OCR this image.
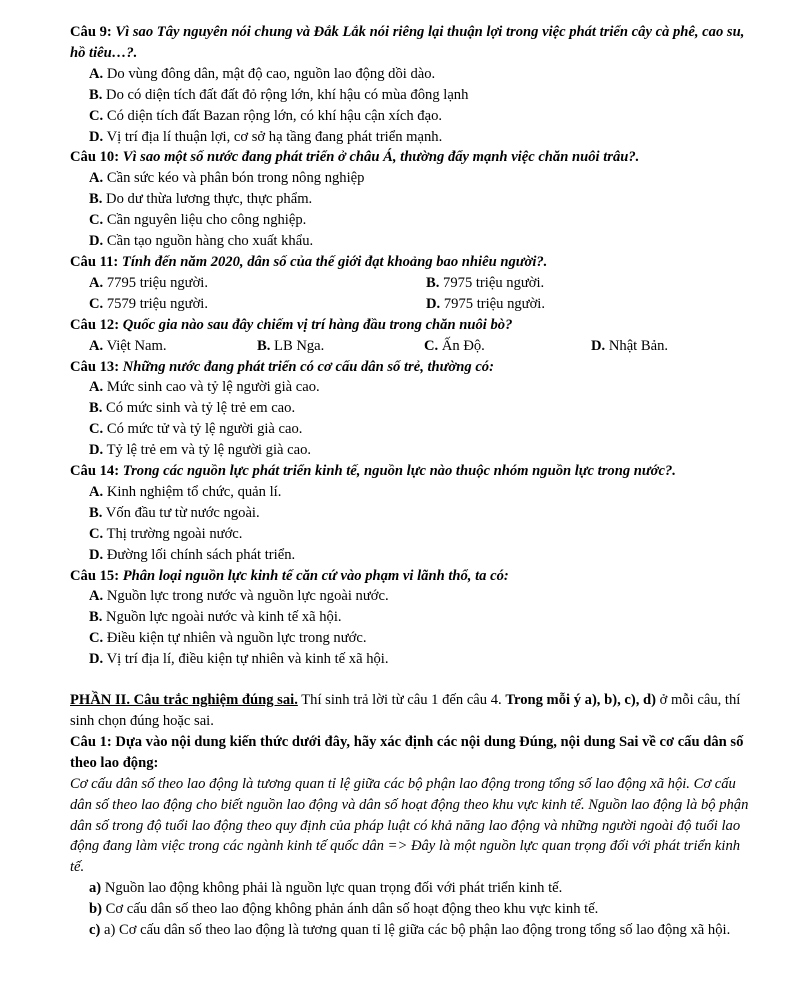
Câu 9: Vì sao Tây nguyên nói chung và Đắk Lắk nói riêng lại thuận lợi trong việc phát triển cây cà phê, cao su, hồ tiêu…?.

A. Do vùng đông dân, mật độ cao, nguồn lao động dồi dào.
B. Do có diện tích đất đất đỏ rộng lớn, khí hậu có mùa đông lạnh
C. Có diện tích đất Bazan rộng lớn, có khí hậu cận xích đạo.
D. Vị trí địa lí thuận lợi, cơ sở hạ tầng đang phát triển mạnh.

Câu 10: Vì sao một số nước đang phát triển ở châu Á, thường đẩy mạnh việc chăn nuôi trâu?.

A. Cần sức kéo và phân bón trong nông nghiệp
B. Do dư thừa lương thực, thực phẩm.
C. Cần nguyên liệu cho công nghiệp.
D. Cần tạo nguồn hàng cho xuất khẩu.

Câu 11: Tính đến năm 2020, dân số của thế giới đạt khoảng bao nhiêu người?.

A. 7795 triệu người.	B. 7975 triệu người.
C. 7579 triệu người.	D. 7975 triệu người.

Câu 12: Quốc gia nào sau đây chiếm vị trí hàng đầu trong chăn nuôi bò?

A. Việt Nam.	B. LB Nga.	C. Ấn Độ.	D. Nhật Bản.

Câu 13: Những nước đang phát triển có cơ cấu dân số trẻ, thường có:

A. Mức sinh cao và tỷ lệ người già cao.
B. Có mức sinh và tỷ lệ trẻ em cao.
C. Có mức tử và tỷ lệ người già cao.
D. Tỷ lệ trẻ em và tỷ lệ người già cao.

Câu 14: Trong các nguồn lực phát triển kinh tế, nguồn lực nào thuộc nhóm nguồn lực trong nước?.

A. Kinh nghiệm tổ chức, quản lí.
B. Vốn đầu tư từ nước ngoài.
C. Thị trường ngoài nước.
D. Đường lối chính sách phát triển.

Câu 15: Phân loại nguồn lực kinh tế căn cứ vào phạm vi lãnh thổ, ta có:

A. Nguồn lực trong nước và nguồn lực ngoài nước.
B. Nguồn lực ngoài nước và kinh tế xã hội.
C. Điều kiện tự nhiên và nguồn lực trong nước.
D. Vị trí địa lí, điều kiện tự nhiên và kinh tế xã hội.
PHẦN II. Câu trắc nghiệm đúng sai. Thí sinh trả lời từ câu 1 đến câu 4. Trong mỗi ý a), b), c), d) ở mỗi câu, thí sinh chọn đúng hoặc sai.
Câu 1: Dựa vào nội dung kiến thức dưới đây, hãy xác định các nội dung Đúng, nội dung Sai về cơ cấu dân số theo lao động:
Cơ cấu dân số theo lao động là tương quan tỉ lệ giữa các bộ phận lao động trong tổng số lao động xã hội. Cơ cấu dân số theo lao động cho biết nguồn lao động và dân số hoạt động theo khu vực kinh tế. Nguồn lao động là bộ phận dân số trong độ tuổi lao động theo quy định của pháp luật có khả năng lao động và những người ngoài độ tuổi lao động đang làm việc trong các ngành kinh tế quốc dân => Đây là một nguồn lực quan trọng đối với phát triển kinh tế.
a) Nguồn lao động không phải là nguồn lực quan trọng đối với phát triển kinh tế.
b) Cơ cấu dân số theo lao động không phản ánh dân số hoạt động theo khu vực kinh tế.
c) a) Cơ cấu dân số theo lao động là tương quan tỉ lệ giữa các bộ phận lao động trong tổng số lao động xã hội.
